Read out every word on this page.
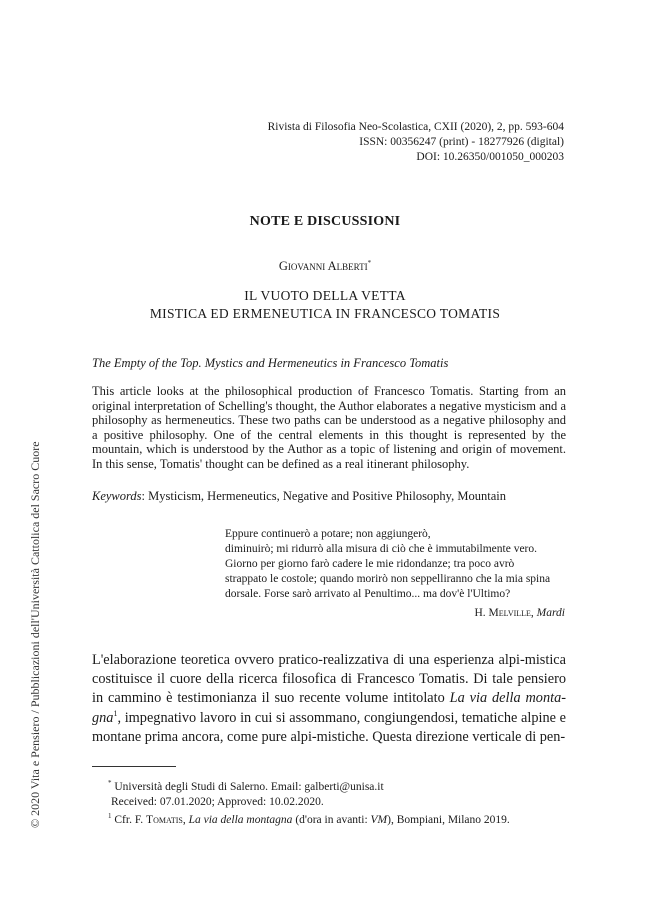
© 2020 Vita e Pensiero / Pubblicazioni dell'Università Cattolica del Sacro Cuore
Rivista di Filosofia Neo-Scolastica, CXII (2020), 2, pp. 593-604
ISSN: 00356247 (print) - 18277926 (digital)
DOI: 10.26350/001050_000203
NOTE E DISCUSSIONI
Giovanni Alberti*
IL VUOTO DELLA VETTA
MISTICA ED ERMENEUTICA IN FRANCESCO TOMATIS
The Empty of the Top. Mystics and Hermeneutics in Francesco Tomatis
This article looks at the philosophical production of Francesco Tomatis. Starting from an original interpretation of Schelling's thought, the Author elaborates a negative mysticism and a philosophy as hermeneutics. These two paths can be understood as a negative philosophy and a positive philosophy. One of the central elements in this thought is represented by the mountain, which is understood by the Author as a topic of listening and origin of movement. In this sense, Tomatis' thought can be defined as a real itinerant philosophy.
Keywords: Mysticism, Hermeneutics, Negative and Positive Philosophy, Mountain
Eppure continuerò a potare; non aggiungerò,
diminuirò; mi ridurrò alla misura di ciò che è immutabilmente vero.
Giorno per giorno farò cadere le mie ridondanze; tra poco avrò
strappato le costole; quando morirò non seppelliranno che la mia spina
dorsale. Forse sarò arrivato al Penultimo... ma dov'è l'Ultimo?
H. Melville, Mardi
L'elaborazione teoretica ovvero pratico-realizzativa di una esperienza alpi-mistica costituisce il cuore della ricerca filosofica di Francesco Tomatis. Di tale pensiero in cammino è testimonianza il suo recente volume intitolato La via della monta-gna$^1$, impegnativo lavoro in cui si assommano, congiungendosi, tematiche alpine e montane prima ancora, come pure alpi-mistiche. Questa direzione verticale di pen-
* Università degli Studi di Salerno. Email: galberti@unisa.it
Received: 07.01.2020; Approved: 10.02.2020.
$^1$ Cfr. F. Tomatis, La via della montagna (d'ora in avanti: VM), Bompiani, Milano 2019.
